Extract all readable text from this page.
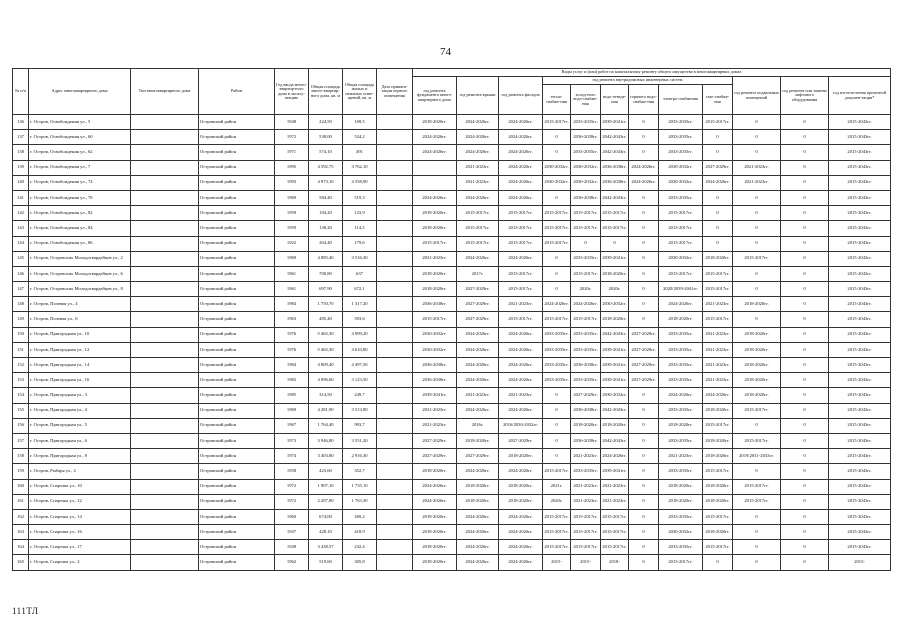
74
№ п/п	Адрес многоквартирного дома	Тип многоквартирного дома	Район	Год ввода много-квартир-ного дома в эксплу-атацию	Общая площадь много-квартир-ного дома, кв. м	Общая площадь жилых и нежилых поме-щений, кв. м	Дата привати-зации первого помещения	Виды услуг и (или) работ по капитальному ремонту общего имущества в многоквартирных домах											
								год ремонта фундамента много-квартирного дома	год ремонта крыши	год ремонта фасадов	год ремонта внутридомовых инженерных систем						год ремонта подвальных помещений	год ремонта или замены лифтового оборудования	год изготов-ления проектной докумен-тации*
											тепло-снабже-ния	холод-ного водо-снабже-ния	водо-отведе-ния	горячего водо-снабже-ния	электро-снабжения	газо-снабже-ния			
136	г. Остров, Освобождения ул., 5		Островский район	1948	224,50	169,5		2018-2020гг.	2024-2026гг.	2024-2026гг.	2015-2017гг.	2033-2035гг.	2039-2041гг.	0	2033-2035гг.	2015-2017гг.	0	0	2015-2043гг.
137	г. Остров, Освобождения ул., 60		Островский район	1972	538,00	524,2		2024-2026гг.	2024-2026гг.	2024-2026гг.	0	2036-2038гг.	2042-2043гг.	0	2033-2035гг.	0	0	0	2015-2043гг.
138	г. Остров, Освобождения ул., 62		Островский район	1971	574,10	491		2024-2026гг.	2024-2026гг.	2024-2026гг.	0	2033-2035гг.	2042-2043гг.	0	2033-2035гг.	0	0	0	2015-2043гг.
139	г. Остров, Освобождения ул., 7		Островский район	1995	4 592,75	3 762,10			2021-2023гг.	2024-2026гг.	2030-2032гг.	2030-2032гг.	2036-2038гг.	2024-2026гг.	2030-2032гг.	2027-2029гг.	2021-2023гг.	0	2015-2043гг.
140	г. Остров, Освобождения ул., 74		Островский район	1993	4 973,10	4 558,90			2021-2023гг.	2024-2026гг.	2030-2032гг.	2030-2032гг.	2036-2038гг.	2024-2026гг.	2030-2032гг.	2024-2026гг.	2021-2023гг.	0	2015-2043гг.
141	г. Остров, Освобождения ул., 76		Островский район	1969	584,40	519,3		2024-2026гг.	2024-2026гг.	2024-2026гг.	0	2036-2038гг.	2042-2043гг.	0	2033-2035гг.	0	0	0	2015-2043гг.
142	г. Остров, Освобождения ул., 82		Островский район	1959	194,20	123,9		2018-2020гг.	2015-2017гг.	2015-2017гг.	2015-2017гг.	2015-2017гг.	2015-2017гг.	0	2015-2017гг.	0	0	0	2015-2043гг.
143	г. Остров, Освобождения ул., 84		Островский район	1959	138,20	114,3		2018-2020гг.	2015-2017гг.	2015-2017гг.	2015-2017гг.	2015-2017гг.	2015-2017гг.	0	2015-2017гг.	0	0	0	2015-2043гг.
144	г. Остров, Освобождения ул., 86		Островский район	1922	204,40	179,6		2015-2017гг.	2015-2017гг.	2015-2017гг.	2015-2017гг.	0	0	0	2015-2017гг.	0	0	0	2015-2043гг.
145	г. Остров, Островских Молодогвардейцев ул., 2		Островский район	1969	4 885,40	3 516,30		2021-2023гг.	2024-2026гг.	2024-2026гг.	0	2033-2035гг.	2039-2041гг.	0	2030-2032гг.	2018-2020гг.	2015-2017гг.	0	2015-2043гг.
146	г. Остров, Островских Молодогвардейцев ул., 6		Островский район	1961	700,80	637		2018-2020гг.	2017г.	2015-2017гг.	0	2015-2017гг.	2018-2020гг.	0	2015-2017гг.	2015-2017гг.	0	0	2015-2043гг.
147	г. Остров, Островских Молодогвардейцев ул., 8		Островский район	1961	697,90	672,1		2018-2020гг.	2027-2029гг.	2015-2017гг.	0	2020г.	2020г.	0	2020/2039-2041гг.	2015-2017гг.	0	0	2015-2043гг.
148	г. Остров, Полевая ул., 4		Островский район	1984	1 750,70	1 317,20		2036-2038гг.	2027-2029гг.	2021-2023гг.	2024-2026гг.	2024-2026гг.	2030-2032гг.	0	2024-2026гг.	2021-2023гг.	2018-2020гг.	0	2015-2043гг.
149	г. Остров, Полевая ул., 6		Островский район	1963	485,40	393,6		2015-2017гг.	2027-2029гг.	2015-2017гг.	2015-2017гг.	2015-2017гг.	2018-2020гг.	0	2018-2020гг.	2015-2017гг.	0	0	2015-2043гг.
150	г. Остров, Пригородная ул., 10		Островский район	1976	5 465,30	4 999,20		2030-2032гг.	2024-2026гг.	2024-2026гг.	2033-2035гг.	2033-2035гг.	2042-2043гг.	2027-2029гг.	2033-2035гг.	2021-2023гг.	2018-2020гг.	0	2015-2043гг.
151	г. Остров, Пригородная ул., 12		Островский район	1976	5 465,30	4 610,80		2030-2032гг.	2024-2026гг.	2024-2026гг.	2033-2035гг.	2033-2035гг.	2039-2041гг.	2027-2029гг.	2033-2035гг.	2021-2023гг.	2018-2020гг.	0	2015-2043гг.
152	г. Остров, Пригородная ул., 14		Островский район	1984	4 809,40	4 497,50		2036-2038гг.	2024-2026гг.	2024-2026гг.	2033-2035гг.	2036-2038гг.	2039-2041гг.	2027-2029гг.	2033-2035гг.	2021-2023гг.	2018-2020гг.	0	2015-2043гг.
153	г. Остров, Пригородная ул., 16		Островский район	1982	4 096,60	3 123,50		2036-2038гг.	2024-2026гг.	2024-2026гг.	2033-2035гг.	2033-2035гг.	2039-2041гг.	2027-2029гг.	2033-2035гг.	2021-2023гг.	2018-2020гг.	0	2015-2043гг.
154	г. Остров, Пригородная ул., 3		Островский район	1985	314,50	249,7		2039-2041гг.	2021-2023гг.	2021-2023гг.	0	2027-2029гг.	2030-2032гг.	0	2024-2026гг.	2024-2026гг.	2018-2020гг.	0	2015-2043гг.
155	г. Остров, Пригородная ул., 4		Островский район	1969	4 281,90	3 513,80		2021-2023гг.	2024-2026гг.	2024-2026гг.	0	2036-2038гг.	2042-2043гг.	0	2033-2035гг.	2018-2020гг.	2015-2017гг.	0	2015-2043гг.
156	г. Остров, Пригородная ул., 5		Островский район	1967	1 764,40	993,7		2021-2023гг.	2016г.	2016/2030-2032гг.	0	2018-2020гг.	2018-2020гг.	0	2018-2020гг.	2015-2017гг.	0	0	2015-2043гг.
157	г. Остров, Пригородная ул., 6		Островский район	1973	3 946,80	3 551,20		2027-2029гг.	2018-2020гг.	2027-2029гг.	0	2036-2038гг.	2042-2043гг.	0	2033-2035гг.	2018-2020гг.	2015-2017гг.	0	2015-2043гг.
158	г. Остров, Пригородная ул., 8		Островский район	1974	3 403,80	2 916,30		2027-2029гг.	2027-2029гг.	2018-2020гг.	0	2021-2023гг.	2024-2026гг.	0	2021-2023гг.	2018-2020гг.	2019/2031-2033гг.	0	2015-2043гг.
159	г. Остров, Рыбаря ул., 2		Островский район	1958	423,60	352,7		2018-2020гг.	2024-2026гг.	2024-2026гг.	2015-2017гг.	2033-2035гг.	2039-2041гг.	0	2033-2035гг.	2015-2017гг.	0	0	2015-2043гг.
160	г. Остров, Спартака ул., 10		Островский район	1972	1 907,10	1 735,10		2024-2026гг.	2018-2020гг.	2018-2020гг.	2021г.	2021-2023гг.	2021-2023гг.	0	2018-2020гг.	2018-2020гг.	2015-2017гг.	0	2015-2043гг.
161	г. Остров, Спартака ул., 12		Островский район	1972	2 207,80	1 763,30		2024-2026гг.	2018-2020гг.	2018-2020гг.	2020г.	2021-2023гг.	2021-2023гг.	0	2018-2020гг.	2018-2020гг.	2015-2017гг.	0	2015-2043гг.
162	г. Остров, Спартака ул., 14		Островский район	1960	674,00	269,2		2018-2020гг.	2024-2026гг.	2024-2026гг.	2015-2017гг.	2015-2017гг.	2015-2017гг.	0	2033-2035гг.	2015-2017гг.	0	0	2015-2043гг.
163	г. Остров, Спартака ул., 16		Островский район	1947	428,10	418,9		2018-2020гг.	2024-2026гг.	2024-2026гг.	2015-2017гг.	2015-2017гг.	2015-2017гг.	0	2030-2032гг.	2018-2020гг.	0	0	2015-2043гг.
164	г. Остров, Спартака ул., 17		Островский район	1949	3 438,57	232,4		2018-2020гг.	2024-2026гг.	2024-2026гг.	2015-2017гг.	2015-2017гг.	2015-2017гг.	0	2033-2035гг.	2015-2017гг.	0	0	2015-2043гг.
165	г. Остров, Спартака ул., 2		Островский район	1962	519,60	305,8		2018-2020гг.	2024-2026гг.	2024-2026гг.	2015-	2015-	2018-	0	2015-2017гг.	0	0	0	2015-
111ТЛ
